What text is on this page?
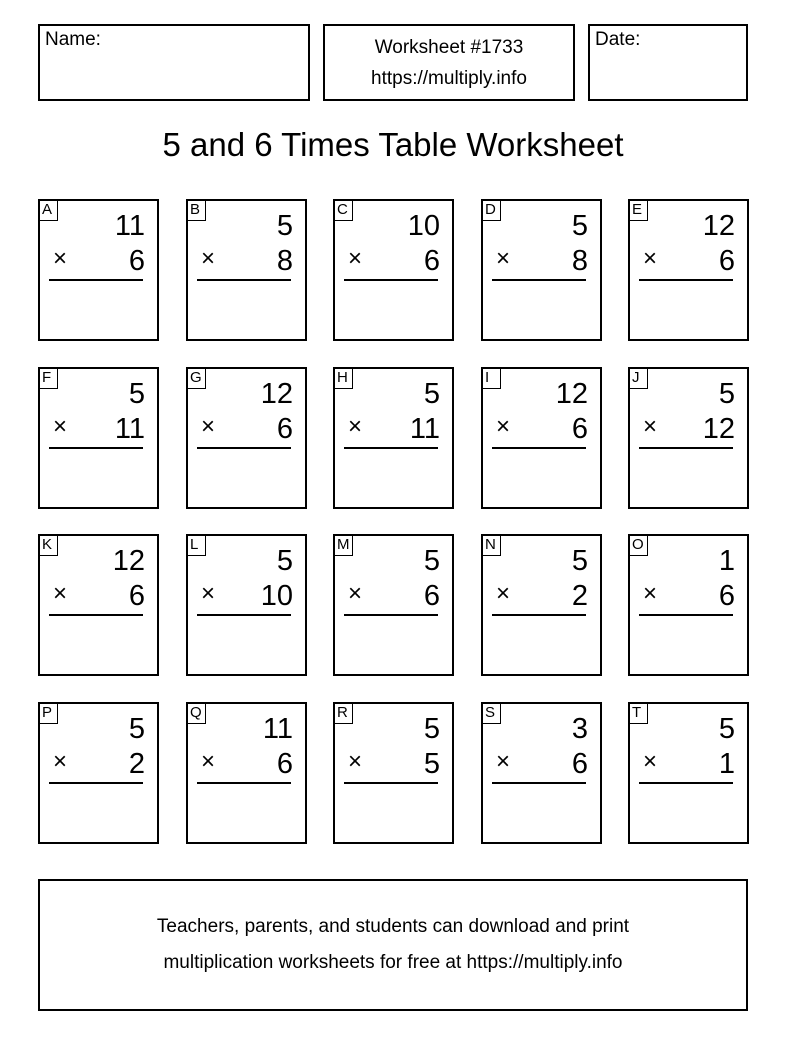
Name:	Worksheet #1733
https://multiply.info
Date:
5 and 6 Times Table Worksheet
A
11
× 6
B
5
× 8
C
10
× 6
D
5
× 8
E
12
× 6
F
5
× 11
G
12
× 6
H
5
× 11
I
12
× 6
J
5
× 12
K
12
× 6
L
5
× 10
M
5
× 6
N
5
× 2
O
1
× 6
P
5
× 2
Q
11
× 6
R
5
× 5
S
3
× 6
T
5
× 1
Teachers, parents, and students can download and print
multiplication worksheets for free at https://multiply.info
